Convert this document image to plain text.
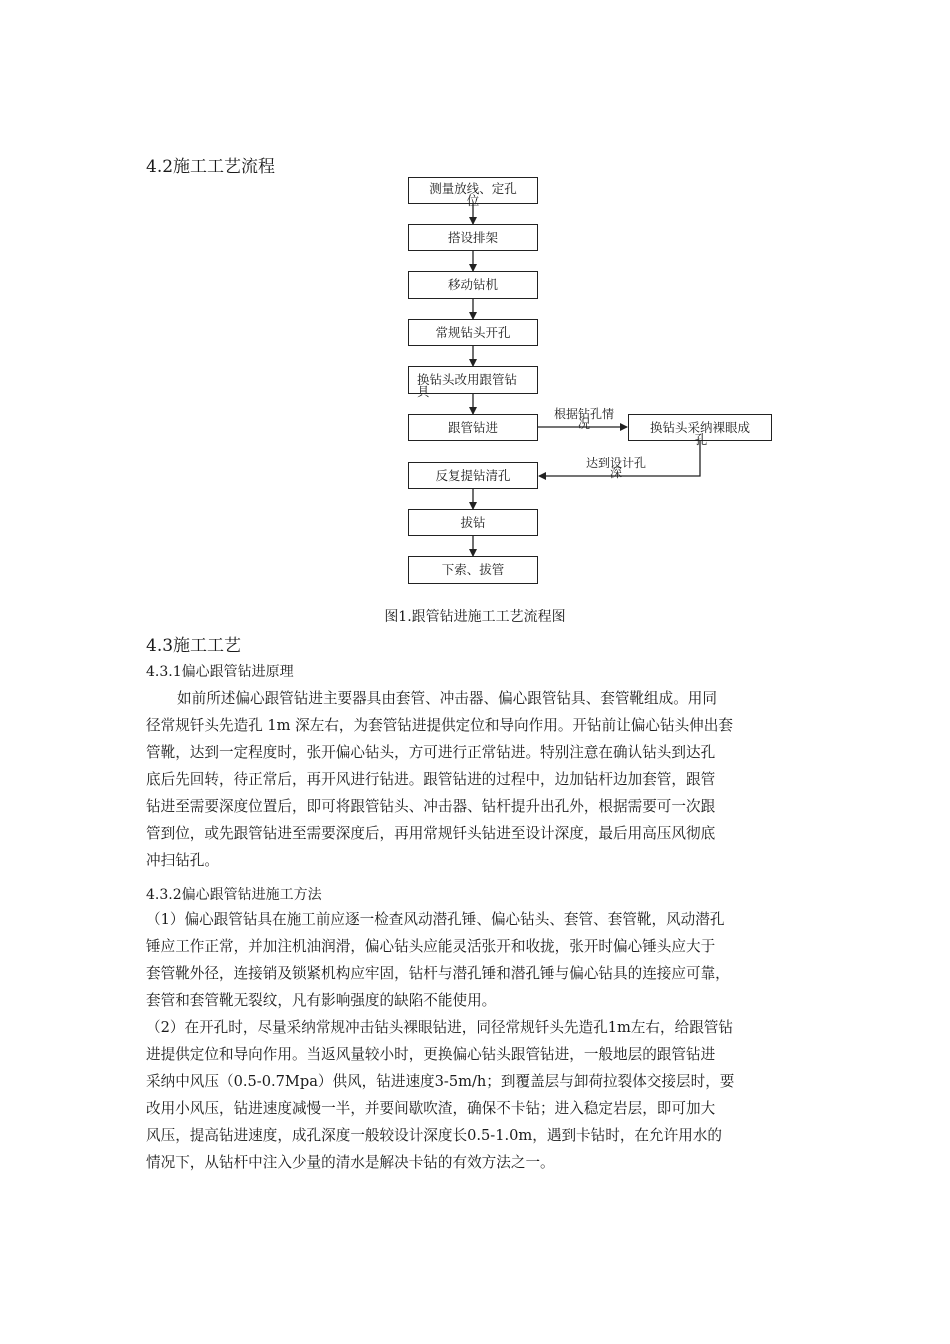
4.2施工工艺流程
测量放线、定孔
位
搭设排架
移动钻机
常规钻头开孔
换钻头改用跟管钻
具
跟管钻进
反复提钻清孔
拔钻
下索、拔管
换钻头采纳裸眼成
孔
根据钻孔情
况
达到设计孔
深
图1.跟管钻进施工工艺流程图
4.3施工工艺
4.3.1偏心跟管钻进原理
如前所述偏心跟管钻进主要器具由套管、冲击器、偏心跟管钻具、套管靴组成。用同
径常规钎头先造孔 1m 深左右，为套管钻进提供定位和导向作用。开钻前让偏心钻头伸出套
管靴，达到一定程度时，张开偏心钻头，方可进行正常钻进。特别注意在确认钻头到达孔
底后先回转，待正常后，再开风进行钻进。跟管钻进的过程中，边加钻杆边加套管，跟管
钻进至需要深度位置后，即可将跟管钻头、冲击器、钻杆提升出孔外，根据需要可一次跟
管到位，或先跟管钻进至需要深度后，再用常规钎头钻进至设计深度，最后用高压风彻底
冲扫钻孔。
4.3.2偏心跟管钻进施工方法
（1）偏心跟管钻具在施工前应逐一检查风动潜孔锤、偏心钻头、套管、套管靴，风动潜孔
锤应工作正常，并加注机油润滑，偏心钻头应能灵活张开和收拢，张开时偏心锤头应大于
套管靴外径，连接销及锁紧机构应牢固，钻杆与潜孔锤和潜孔锤与偏心钻具的连接应可靠，
套管和套管靴无裂纹，凡有影响强度的缺陷不能使用。
（2）在开孔时，尽量采纳常规冲击钻头裸眼钻进，同径常规钎头先造孔1m左右，给跟管钻
进提供定位和导向作用。当返风量较小时，更换偏心钻头跟管钻进，一般地层的跟管钻进
采纳中风压（0.5-0.7Mpa）供风，钻进速度3-5m/h；到覆盖层与卸荷拉裂体交接层时，要
改用小风压，钻进速度减慢一半，并要间歇吹渣，确保不卡钻；进入稳定岩层，即可加大
风压，提高钻进速度，成孔深度一般较设计深度长0.5-1.0m，遇到卡钻时，在允许用水的
情况下，从钻杆中注入少量的清水是解决卡钻的有效方法之一。
